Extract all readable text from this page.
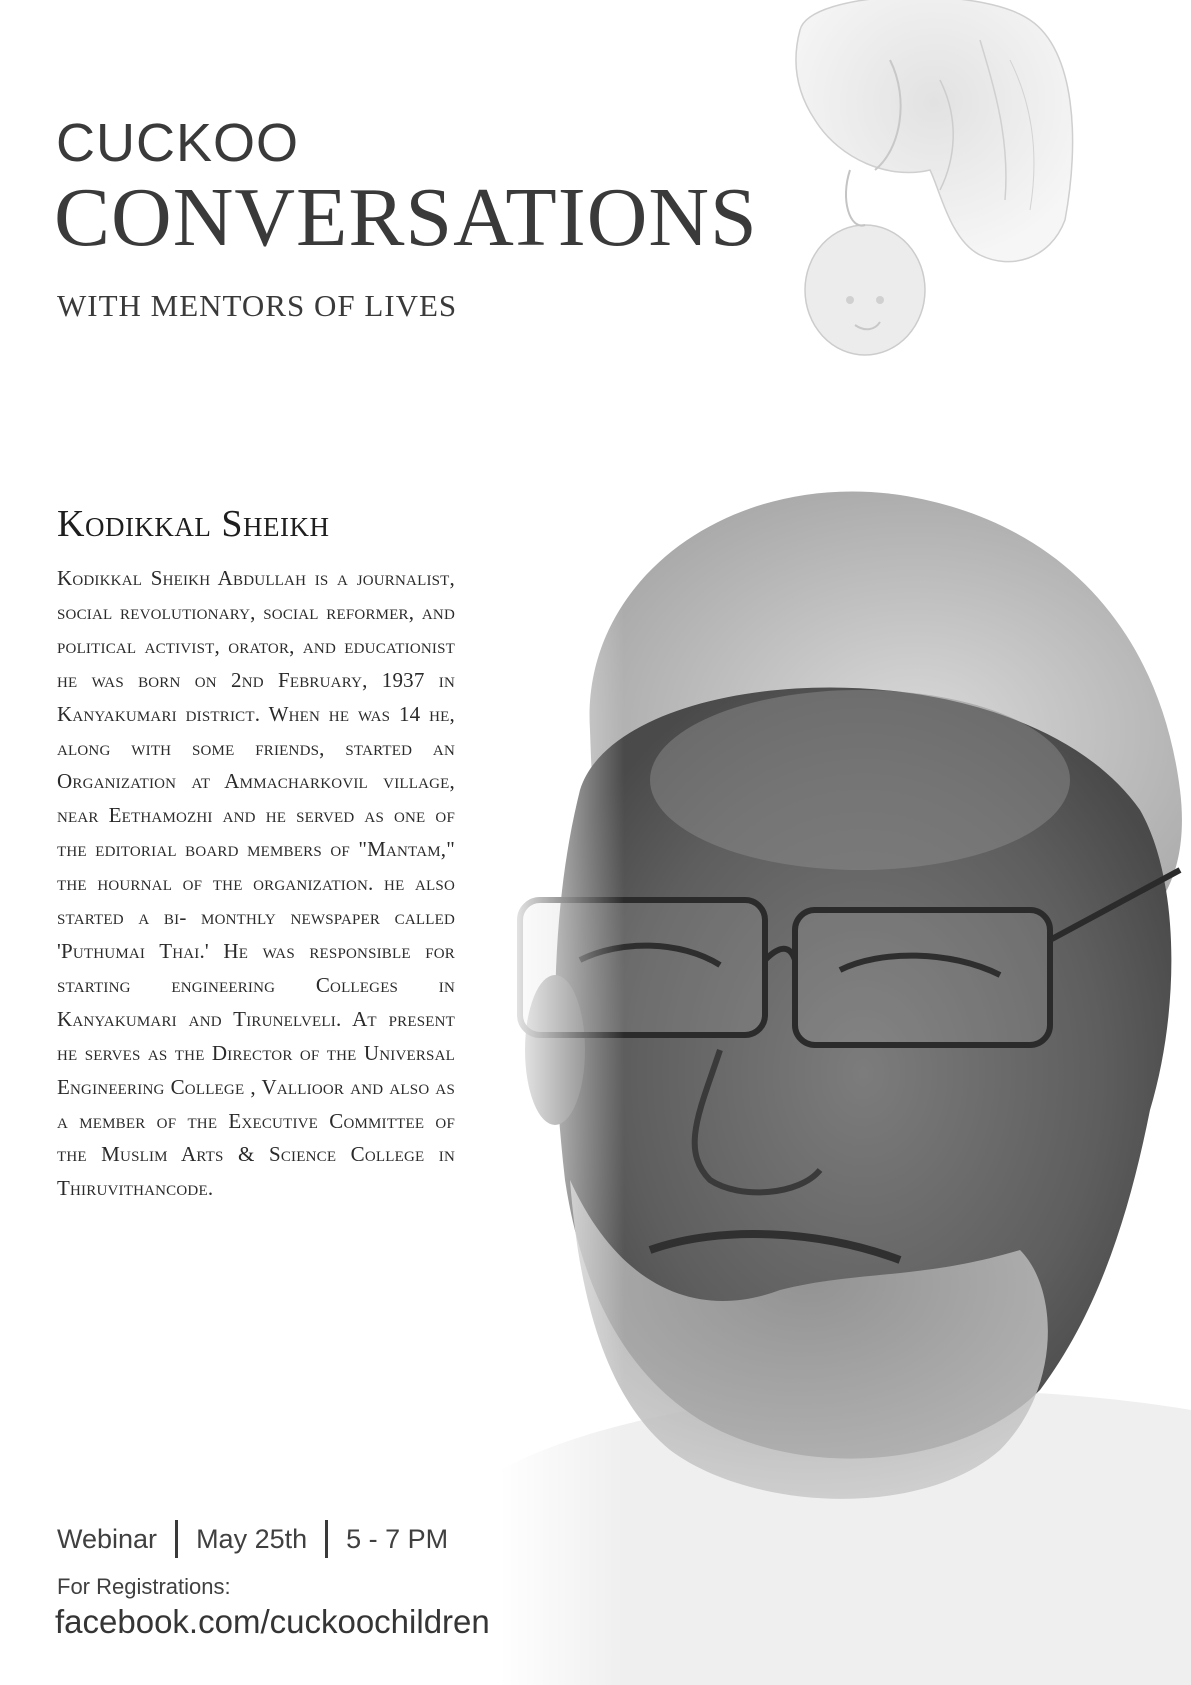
CUCKOO
CONVERSATIONS
WITH MENTORS OF LIVES
Kodikkal Sheikh
Kodikkal Sheikh Abdullah is a journalist, social revolutionary, social reformer, and political activist, orator, and educationist he was born on 2nd February, 1937 in Kanyakumari district. When he was 14 he, along with some friends, started an Organization at Ammacharkovil village, near Eethamozhi and he served as one of the editorial board members of "Mantam," the hournal of the organization. he also started a bi- monthly newspaper called 'Puthumai Thai.' He was responsible for starting engineering Colleges in Kanyakumari and Tirunelveli. At present he serves as the Director of the Universal Engineering College , Vallioor and also as a member of the Executive Committee of the Muslim Arts & Science College in Thiruvithancode.
Webinar May 25th 5 - 7 PM
For Registrations:
facebook.com/cuckoochildren
